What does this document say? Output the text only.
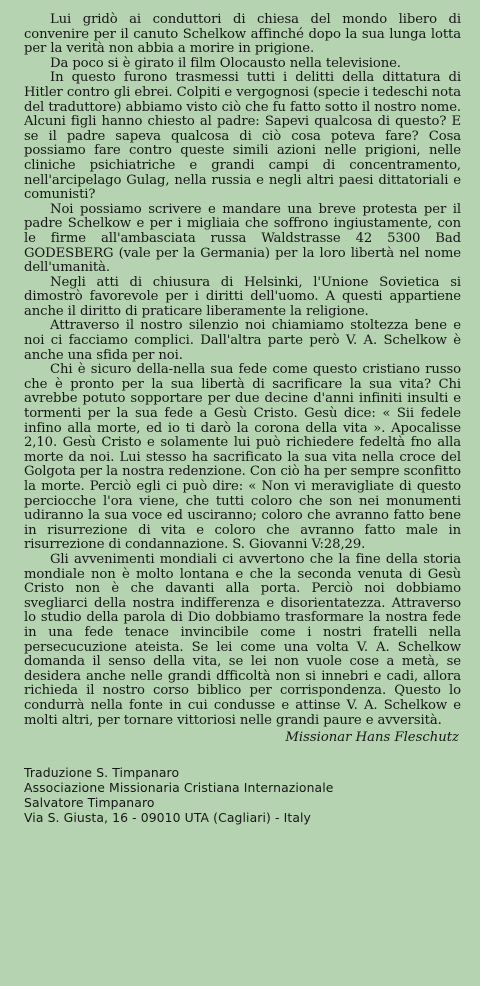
Lui gridò ai conduttori di chiesa del mondo libero di convenire per il canuto Schelkow affinché dopo la sua lunga lotta per la verità non abbia a morire in prigione.

Da poco si è girato il film Olocausto nella televisione.

In questo furono trasmessi tutti i delitti della dittatura di Hitler contro gli ebrei. Colpiti e vergognosi (specie i tedeschi nota del traduttore) abbiamo visto ciò che fu fatto sotto il nostro nome. Alcuni figli hanno chiesto al padre: Sapevi qualcosa di questo? E se il padre sapeva qualcosa di ciò cosa poteva fare? Cosa possiamo fare contro queste simili azioni nelle prigioni, nelle cliniche psichiatriche e grandi campi di concentramento, nell'arcipelago Gulag, nella russia e negli altri paesi dittatoriali e comunisti?

Noi possiamo scrivere e mandare una breve protesta per il padre Schelkow e per i migliaia che soffrono ingiustamente, con le firme all'ambasciata russa Waldstrasse 42 5300 Bad GODESBERG (vale per la Germania) per la loro libertà nel nome dell'umanità.

Negli atti di chiusura di Helsinki, l'Unione Sovietica si dimostrò favorevole per i diritti dell'uomo. A questi appartiene anche il diritto di praticare liberamente la religione.

Attraverso il nostro silenzio noi chiamiamo stoltezza bene e noi ci facciamo complici. Dall'altra parte però V. A. Schelkow è anche una sfida per noi.

Chi è sicuro della-nella sua fede come questo cristiano russo che è pronto per la sua libertà di sacrificare la sua vita? Chi avrebbe potuto sopportare per due decine d'anni infiniti insulti e tormenti per la sua fede a Gesù Cristo. Gesù dice: « Sii fedele infino alla morte, ed io ti darò la corona della vita ». Apocalisse 2,10. Gesù Cristo e solamente lui può richiedere fedeltà fno alla morte da noi. Lui stesso ha sacrificato la sua vita nella croce del Golgota per la nostra redenzione. Con ciò ha per sempre sconfitto la morte. Perciò egli ci può dire: « Non vi meravigliate di questo perciocche l'ora viene, che tutti coloro che son nei monumenti udiranno la sua voce ed usciranno; coloro che avranno fatto bene in risurrezione di vita e coloro che avranno fatto male in risurrezione di condannazione. S. Giovanni V:28,29.

Gli avvenimenti mondiali ci avvertono che la fine della storia mondiale non è molto lontana e che la seconda venuta di Gesù Cristo non è che davanti alla porta. Perciò noi dobbiamo svegliarci della nostra indifferenza e disorientatezza. Attraverso lo studio della parola di Dio dobbiamo trasformare la nostra fede in una fede tenace invincibile come i nostri fratelli nella persecucuzione ateista. Se lei come una volta V. A. Schelkow domanda il senso della vita, se lei non vuole cose a metà, se desidera anche nelle grandi dfficoltà non si innebri e cadi, allora richieda il nostro corso biblico per corrispondenza. Questo lo condurrà nella fonte in cui condusse e attinse V. A. Schelkow e molti altri, per tornare vittoriosi nelle grandi paure e avversità.

Missionar Hans Fleschutz
Traduzione S. Timpanaro
Associazione Missionaria Cristiana Internazionale
Salvatore Timpanaro
Via S. Giusta, 16 - 09010 UTA (Cagliari) - Italy
